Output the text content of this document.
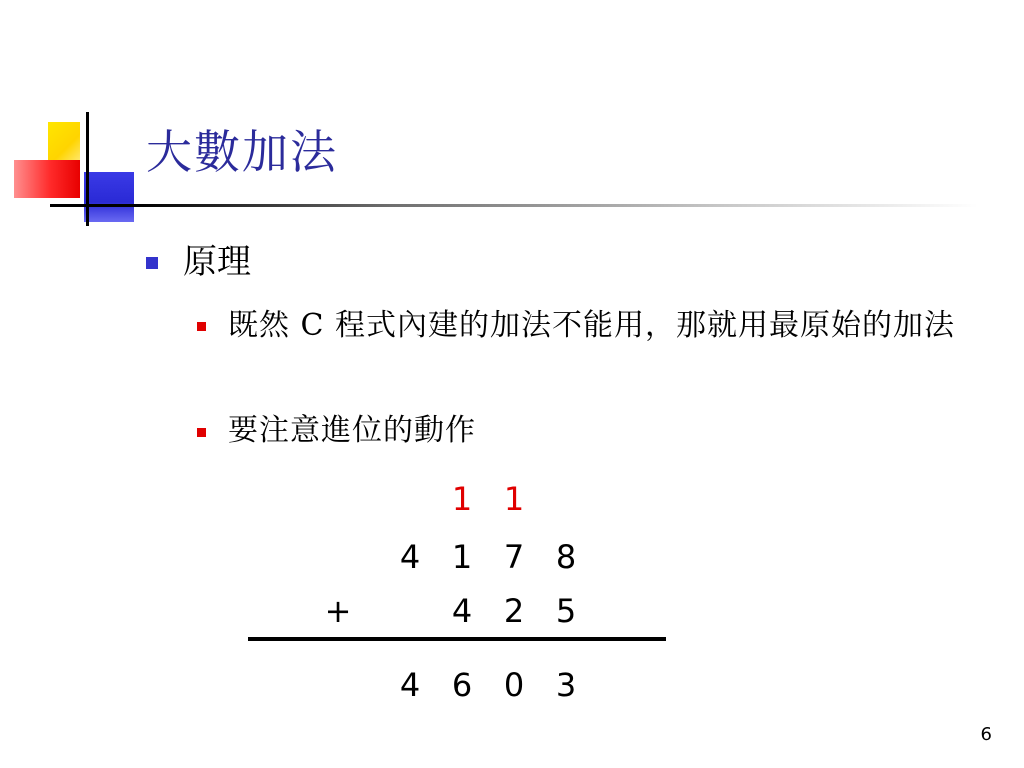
大數加法
原理
既然 C 程式內建的加法不能用，那就用最原始的加法
要注意進位的動作
1 1
4 1 7 8
+	4 2 5
4 6 0 3
6
